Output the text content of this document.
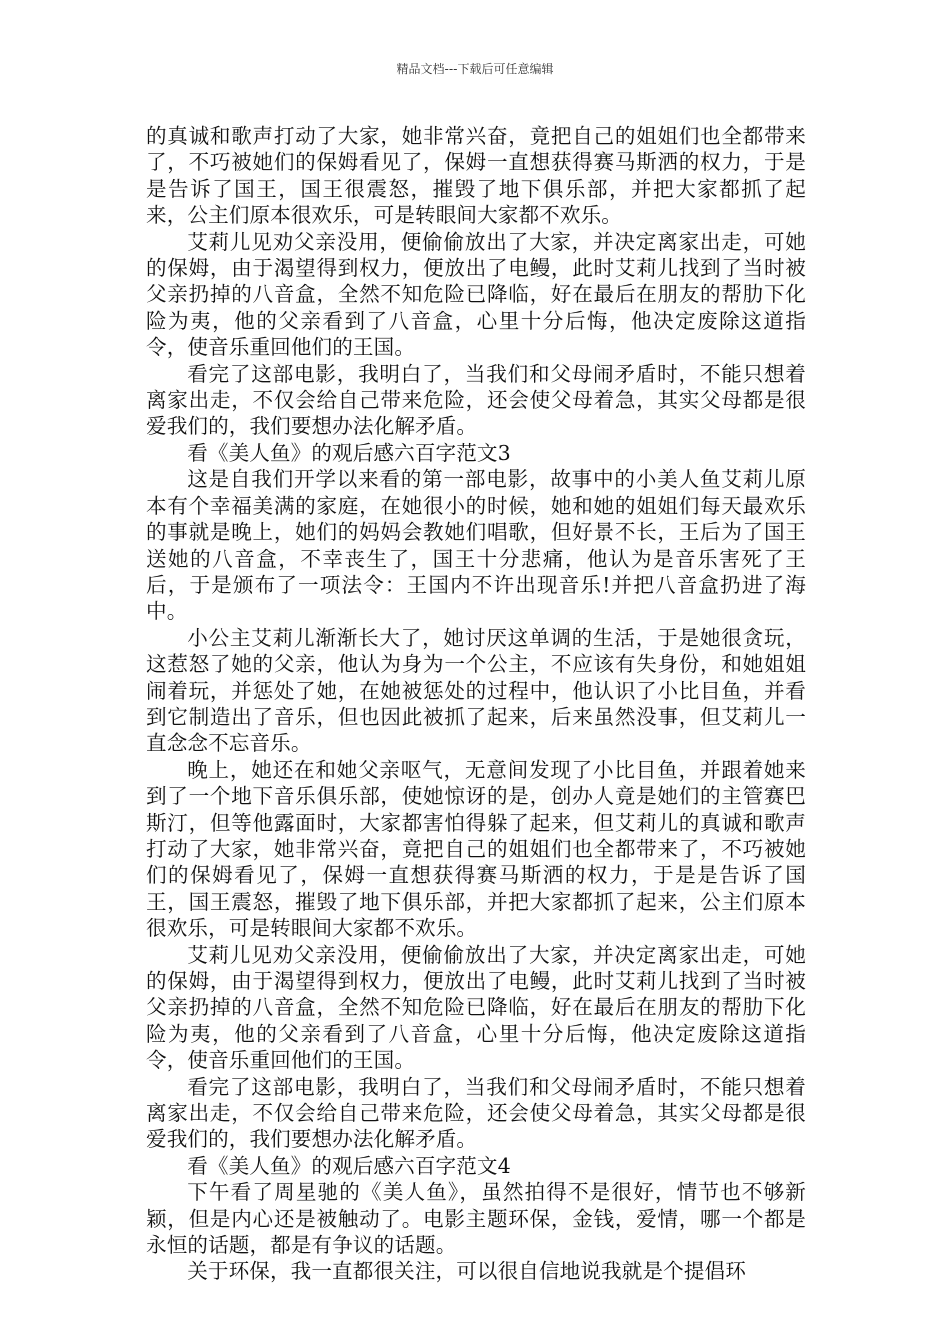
精品文档---下载后可任意编辑

的真诚和歌声打动了大家，她非常兴奋，竟把自己的姐姐们也全都带来了，不巧被她们的保姆看见了，保姆一直想获得赛马斯洒的权力，于是是告诉了国王，国王很震怒，摧毁了地下俱乐部，并把大家都抓了起来，公主们原本很欢乐，可是转眼间大家都不欢乐。

艾莉儿见劝父亲没用，便偷偷放出了大家，并决定离家出走，可她的保姆，由于渴望得到权力，便放出了电鳗，此时艾莉儿找到了当时被父亲扔掉的八音盒，全然不知危险已降临，好在最后在朋友的帮肋下化险为夷，他的父亲看到了八音盒，心里十分后悔，他决定废除这道指令，使音乐重回他们的王国。

看完了这部电影，我明白了，当我们和父母闹矛盾时，不能只想着离家出走，不仅会给自己带来危险，还会使父母着急，其实父母都是很爱我们的，我们要想办法化解矛盾。

看《美人鱼》的观后感六百字范文3

这是自我们开学以来看的第一部电影，故事中的小美人鱼艾莉儿原本有个幸福美满的家庭，在她很小的时候，她和她的姐姐们每天最欢乐的事就是晚上，她们的妈妈会教她们唱歌，但好景不长，王后为了国王送她的八音盒，不幸丧生了，国王十分悲痛，他认为是音乐害死了王后，于是颁布了一项法令：王国内不许出现音乐!并把八音盒扔进了海中。

小公主艾莉儿渐渐长大了，她讨厌这单调的生活，于是她很贪玩，这惹怒了她的父亲，他认为身为一个公主，不应该有失身份，和她姐姐闹着玩，并惩处了她，在她被惩处的过程中，他认识了小比目鱼，并看到它制造出了音乐，但也因此被抓了起来，后来虽然没事，但艾莉儿一直念念不忘音乐。

晚上，她还在和她父亲呕气，无意间发现了小比目鱼，并跟着她来到了一个地下音乐俱乐部，使她惊讶的是，创办人竟是她们的主管赛巴斯汀，但等他露面时，大家都害怕得躲了起来，但艾莉儿的真诚和歌声打动了大家，她非常兴奋，竟把自己的姐姐们也全都带来了，不巧被她们的保姆看见了，保姆一直想获得赛马斯洒的权力，于是是告诉了国王，国王震怒，摧毁了地下俱乐部，并把大家都抓了起来，公主们原本很欢乐，可是转眼间大家都不欢乐。

艾莉儿见劝父亲没用，便偷偷放出了大家，并决定离家出走，可她的保姆，由于渴望得到权力，便放出了电鳗，此时艾莉儿找到了当时被父亲扔掉的八音盒，全然不知危险已降临，好在最后在朋友的帮肋下化险为夷，他的父亲看到了八音盒，心里十分后悔，他决定废除这道指令，使音乐重回他们的王国。

看完了这部电影，我明白了，当我们和父母闹矛盾时，不能只想着离家出走，不仅会给自己带来危险，还会使父母着急，其实父母都是很爱我们的，我们要想办法化解矛盾。

看《美人鱼》的观后感六百字范文4

下午看了周星驰的《美人鱼》，虽然拍得不是很好，情节也不够新颖，但是内心还是被触动了。电影主题环保，金钱，爱情，哪一个都是永恒的话题，都是有争议的话题。

关于环保，我一直都很关注，可以很自信地说我就是个提倡环
